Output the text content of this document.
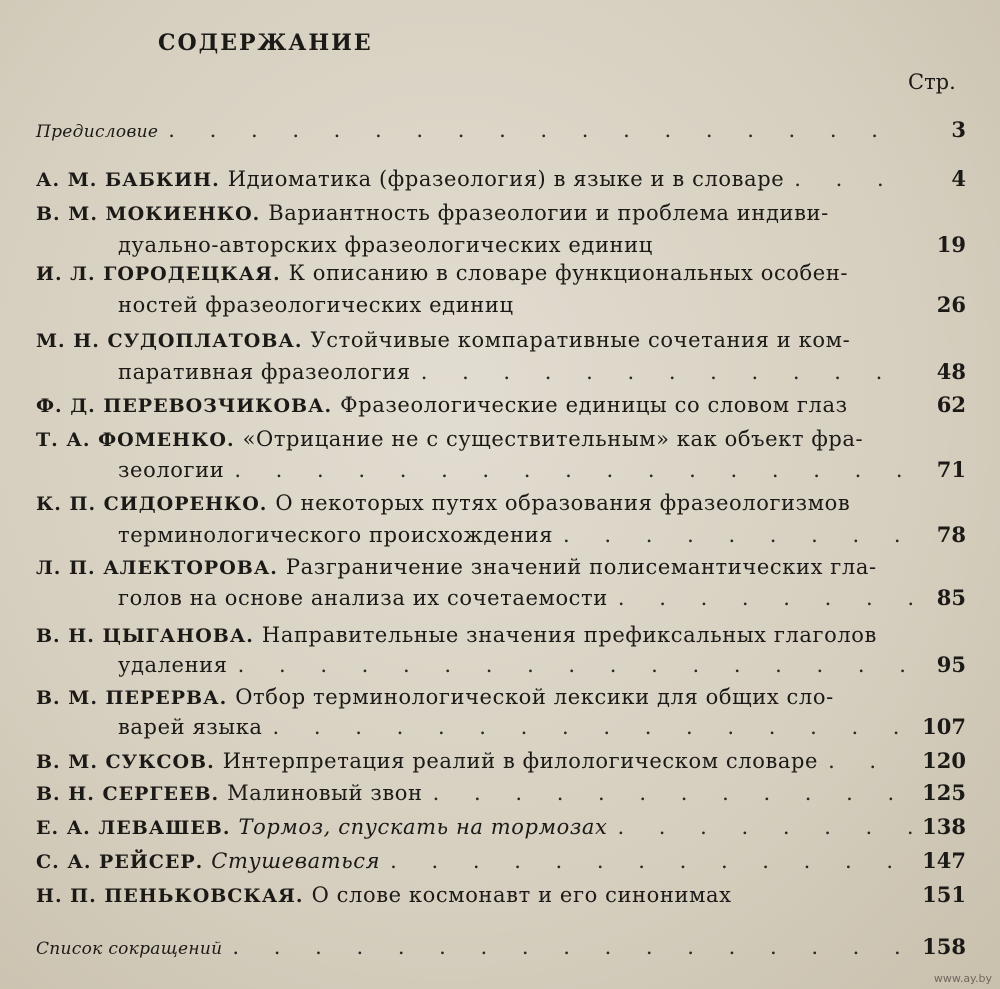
СОДЕРЖАНИЕ
Стр.
Предисловие . . .	3
А. М. БАБКИН. Идиоматика (фразеология) в языке и в словаре . . .	4
В. М. МОКИЕНКО. Вариантность фразеологии и проблема индиви-
дуально-авторских фразеологических единиц	19
И. Л. ГОРОДЕЦКАЯ. К описанию в словаре функциональных особен-
ностей фразеологических единиц	26
М. Н. СУДОПЛАТОВА. Устойчивые компаративные сочетания и ком-
паративная фразеология . . .	48
Ф. Д. ПЕРЕВОЗЧИКОВА. Фразеологические единицы со словом глаз	62
Т. А. ФОМЕНКО. «Отрицание не с существительным» как объект фра-
зеологии . . .	71
К. П. СИДОРЕНКО. О некоторых путях образования фразеологизмов
терминологического происхождения . . .	78
Л. П. АЛЕКТОРОВА. Разграничение значений полисемантических гла-
голов на основе анализа их сочетаемости . . .	85
В. Н. ЦЫГАНОВА. Направительные значения префиксальных глаголов
удаления . . .	95
В. М. ПЕРЕРВА. Отбор терминологической лексики для общих сло-
варей языка . . .	107
В. М. СУКСОВ. Интерпретация реалий в филологическом словаре . . .	120
В. Н. СЕРГЕЕВ. Малиновый звон . . .	125
Е. А. ЛЕВАШЕВ. Тормоз, спускать на тормозах . . .	138
С. А. РЕЙСЕР. Стушеваться . . .	147
Н. П. ПЕНЬКОВСКАЯ. О слове космонавт и его синонимах	151
Список сокращений . . .	158
www.ay.by
